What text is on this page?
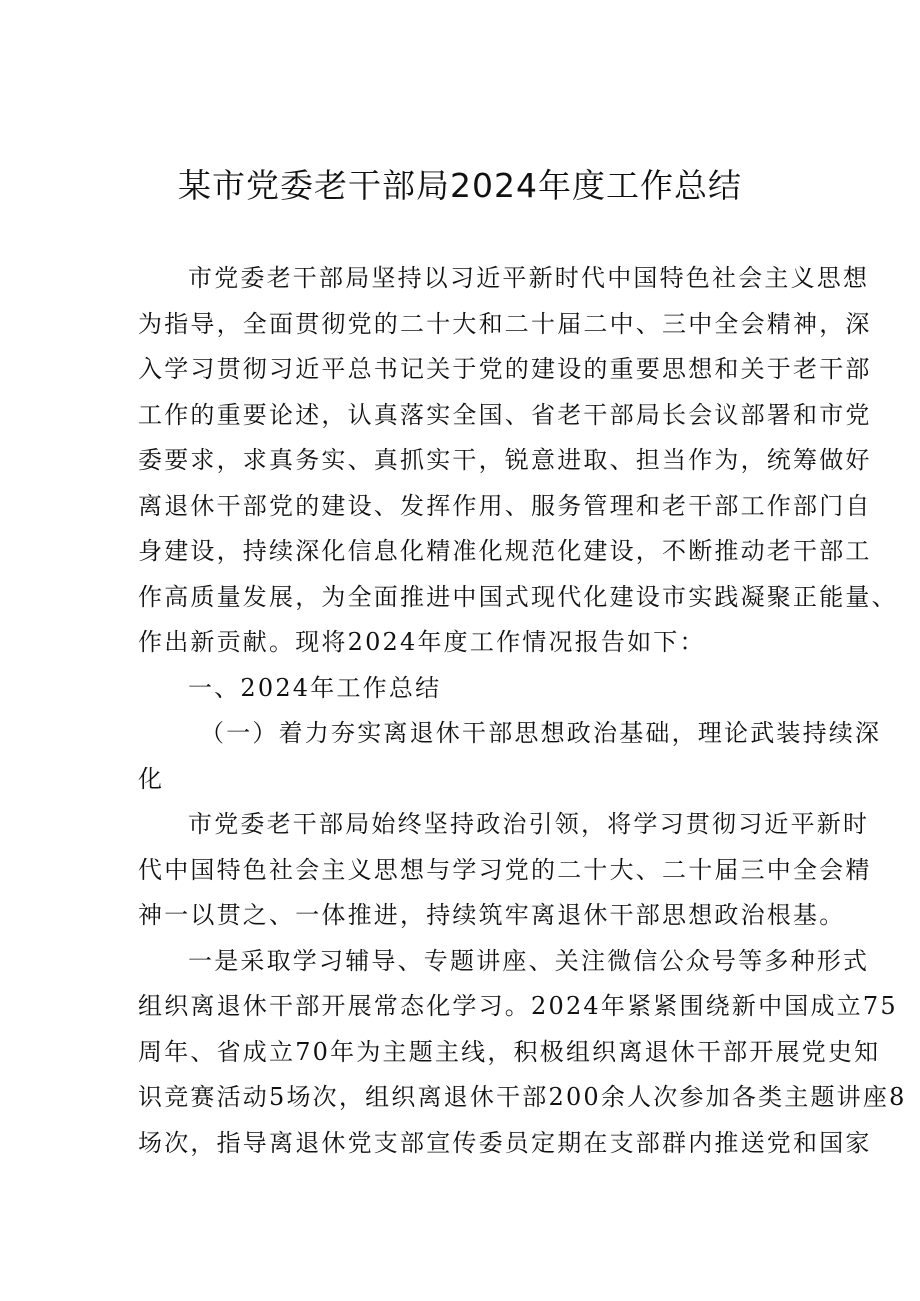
某市党委老干部局2024年度工作总结
市党委老干部局坚持以习近平新时代中国特色社会主义思想
为指导，全面贯彻党的二十大和二十届二中、三中全会精神，深
入学习贯彻习近平总书记关于党的建设的重要思想和关于老干部
工作的重要论述，认真落实全国、省老干部局长会议部署和市党
委要求，求真务实、真抓实干，锐意进取、担当作为，统筹做好
离退休干部党的建设、发挥作用、服务管理和老干部工作部门自
身建设，持续深化信息化精准化规范化建设，不断推动老干部工
作高质量发展，为全面推进中国式现代化建设市实践凝聚正能量、
作出新贡献。现将2024年度工作情况报告如下：
一、2024年工作总结
（一）着力夯实离退休干部思想政治基础，理论武装持续深
化
市党委老干部局始终坚持政治引领，将学习贯彻习近平新时
代中国特色社会主义思想与学习党的二十大、二十届三中全会精
神一以贯之、一体推进，持续筑牢离退休干部思想政治根基。
一是采取学习辅导、专题讲座、关注微信公众号等多种形式
组织离退休干部开展常态化学习。2024年紧紧围绕新中国成立75
周年、省成立70年为主题主线，积极组织离退休干部开展党史知
识竞赛活动5场次，组织离退休干部200余人次参加各类主题讲座8
场次，指导离退休党支部宣传委员定期在支部群内推送党和国家
